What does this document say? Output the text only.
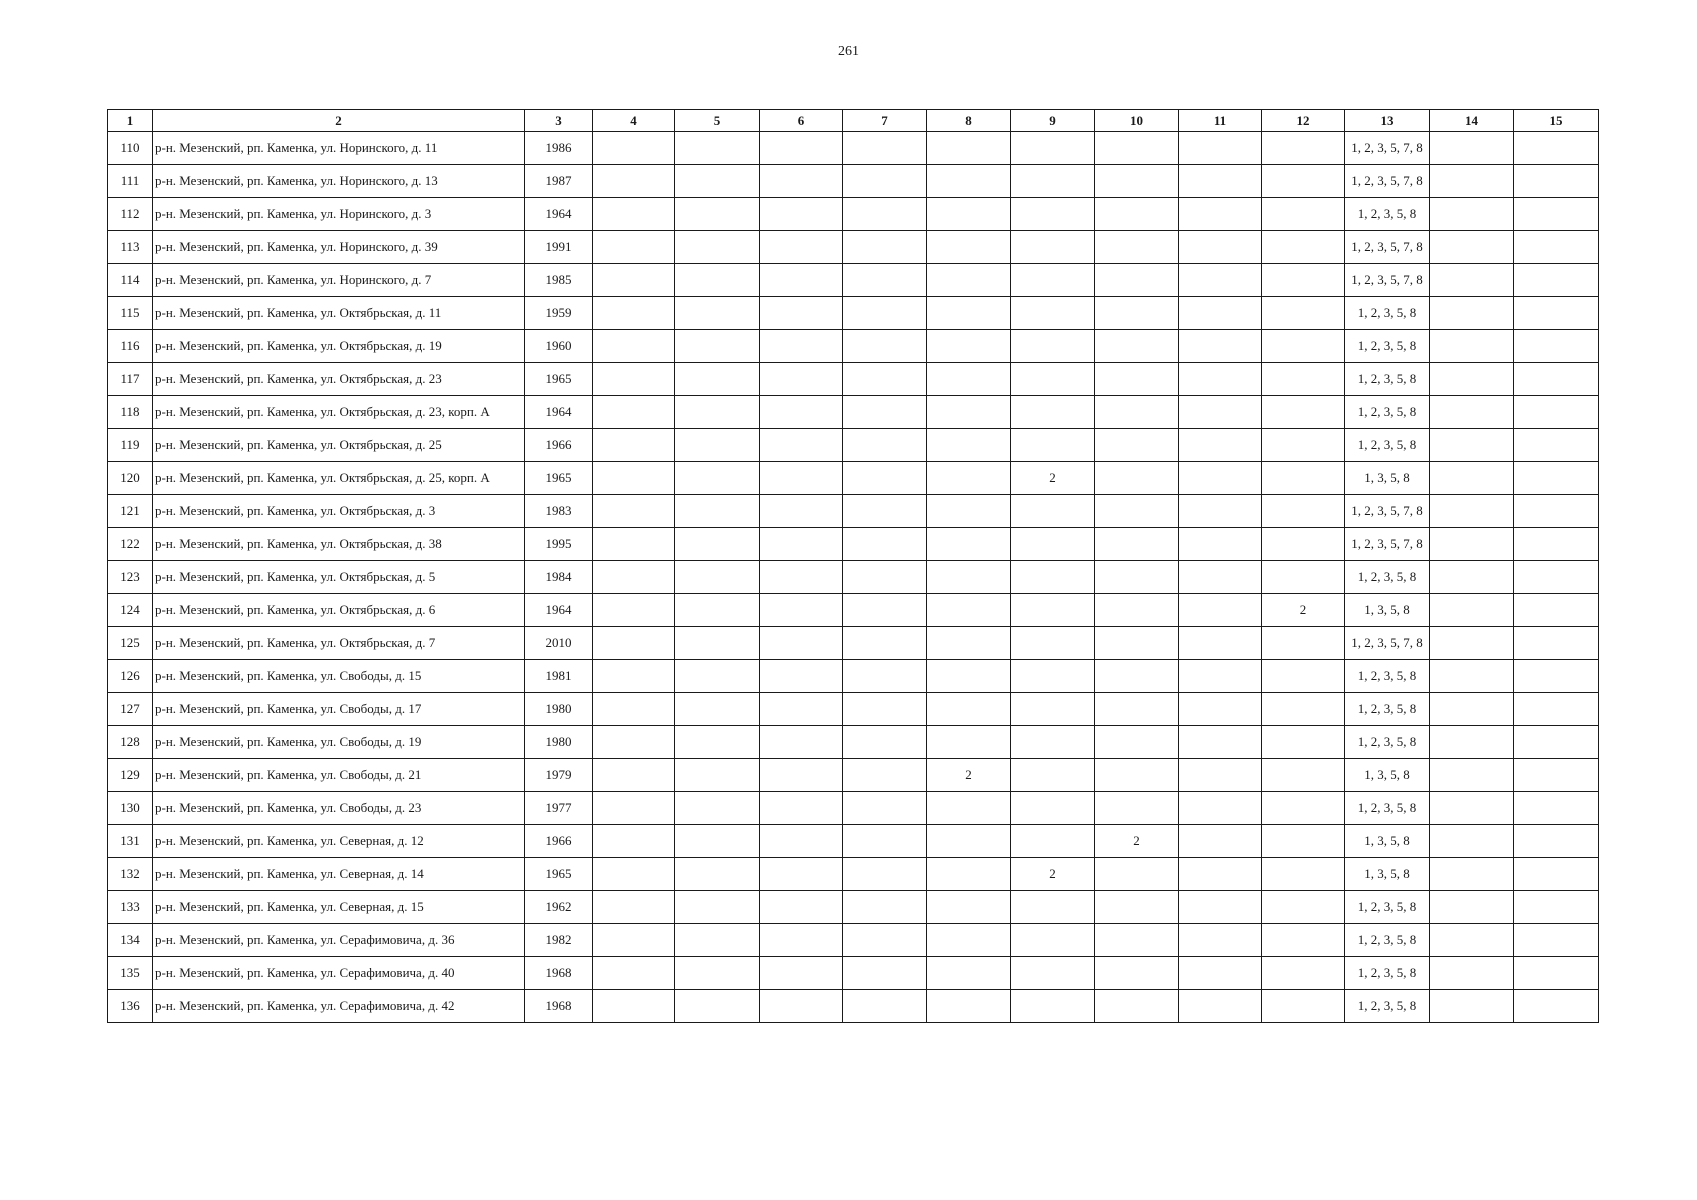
261
1	2	3	4	5	6	7	8	9	10	11	12	13	14	15
110	р-н. Мезенский, рп. Каменка, ул. Норинского, д. 11	1986										1, 2, 3, 5, 7, 8		
111	р-н. Мезенский, рп. Каменка, ул. Норинского, д. 13	1987										1, 2, 3, 5, 7, 8		
112	р-н. Мезенский, рп. Каменка, ул. Норинского, д. 3	1964										1, 2, 3, 5, 8		
113	р-н. Мезенский, рп. Каменка, ул. Норинского, д. 39	1991										1, 2, 3, 5, 7, 8		
114	р-н. Мезенский, рп. Каменка, ул. Норинского, д. 7	1985										1, 2, 3, 5, 7, 8		
115	р-н. Мезенский, рп. Каменка, ул. Октябрьская, д. 11	1959										1, 2, 3, 5, 8		
116	р-н. Мезенский, рп. Каменка, ул. Октябрьская, д. 19	1960										1, 2, 3, 5, 8		
117	р-н. Мезенский, рп. Каменка, ул. Октябрьская, д. 23	1965										1, 2, 3, 5, 8		
118	р-н. Мезенский, рп. Каменка, ул. Октябрьская, д. 23, корп. А	1964										1, 2, 3, 5, 8		
119	р-н. Мезенский, рп. Каменка, ул. Октябрьская, д. 25	1966										1, 2, 3, 5, 8		
120	р-н. Мезенский, рп. Каменка, ул. Октябрьская, д. 25, корп. А	1965						2				1, 3, 5, 8		
121	р-н. Мезенский, рп. Каменка, ул. Октябрьская, д. 3	1983										1, 2, 3, 5, 7, 8		
122	р-н. Мезенский, рп. Каменка, ул. Октябрьская, д. 38	1995										1, 2, 3, 5, 7, 8		
123	р-н. Мезенский, рп. Каменка, ул. Октябрьская, д. 5	1984										1, 2, 3, 5, 8		
124	р-н. Мезенский, рп. Каменка, ул. Октябрьская, д. 6	1964									2	1, 3, 5, 8		
125	р-н. Мезенский, рп. Каменка, ул. Октябрьская, д. 7	2010										1, 2, 3, 5, 7, 8		
126	р-н. Мезенский, рп. Каменка, ул. Свободы, д. 15	1981										1, 2, 3, 5, 8		
127	р-н. Мезенский, рп. Каменка, ул. Свободы, д. 17	1980										1, 2, 3, 5, 8		
128	р-н. Мезенский, рп. Каменка, ул. Свободы, д. 19	1980										1, 2, 3, 5, 8		
129	р-н. Мезенский, рп. Каменка, ул. Свободы, д. 21	1979					2					1, 3, 5, 8		
130	р-н. Мезенский, рп. Каменка, ул. Свободы, д. 23	1977										1, 2, 3, 5, 8		
131	р-н. Мезенский, рп. Каменка, ул. Северная, д. 12	1966							2			1, 3, 5, 8		
132	р-н. Мезенский, рп. Каменка, ул. Северная, д. 14	1965						2				1, 3, 5, 8		
133	р-н. Мезенский, рп. Каменка, ул. Северная, д. 15	1962										1, 2, 3, 5, 8		
134	р-н. Мезенский, рп. Каменка, ул. Серафимовича, д. 36	1982										1, 2, 3, 5, 8		
135	р-н. Мезенский, рп. Каменка, ул. Серафимовича, д. 40	1968										1, 2, 3, 5, 8		
136	р-н. Мезенский, рп. Каменка, ул. Серафимовича, д. 42	1968										1, 2, 3, 5, 8		
